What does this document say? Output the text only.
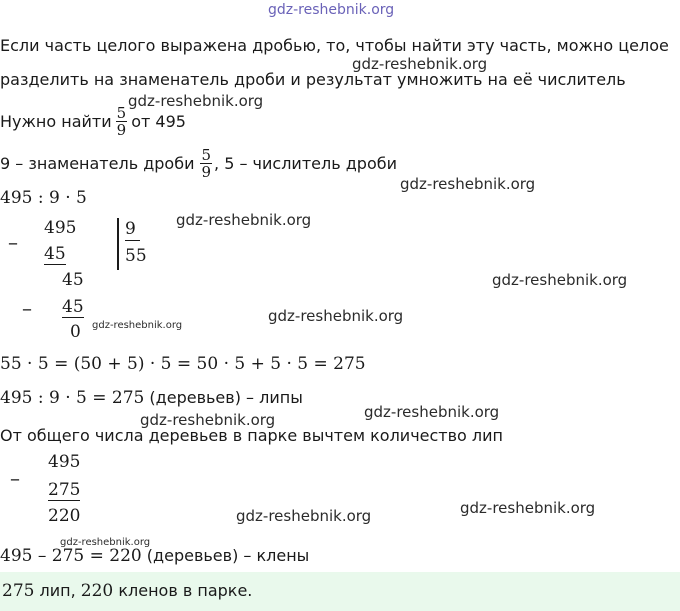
gdz-reshebnik.org
Если часть целого выражена дробью, то, чтобы найти эту часть, можно целое
разделить на знаменатель дроби и результат умножить на её числитель
Нужно найти $\frac{5}{9}$ от 495
9 – знаменатель дроби $\frac{5}{9}$ , 5 – числитель дроби
495 : 9 · 5
–
495
45
9
55
45
– 45
0
55 · 5 = (50 + 5) · 5 = 50 · 5 + 5 · 5 = 275
495 : 9 · 5 = 275 (деревьев) – липы
От общего числа деревьев в парке вычтем количество лип
–
495
275
220
495 – 275 = 220 (деревьев) – клены
275 лип, 220 кленов в парке.
gdz-reshebnik.org
gdz-reshebnik.org
gdz-reshebnik.org
gdz-reshebnik.org
gdz-reshebnik.org
gdz-reshebnik.org
gdz-reshebnik.org
gdz-reshebnik.org
gdz-reshebnik.org
gdz-reshebnik.org
gdz-reshebnik.org
gdz-reshebnik.org
